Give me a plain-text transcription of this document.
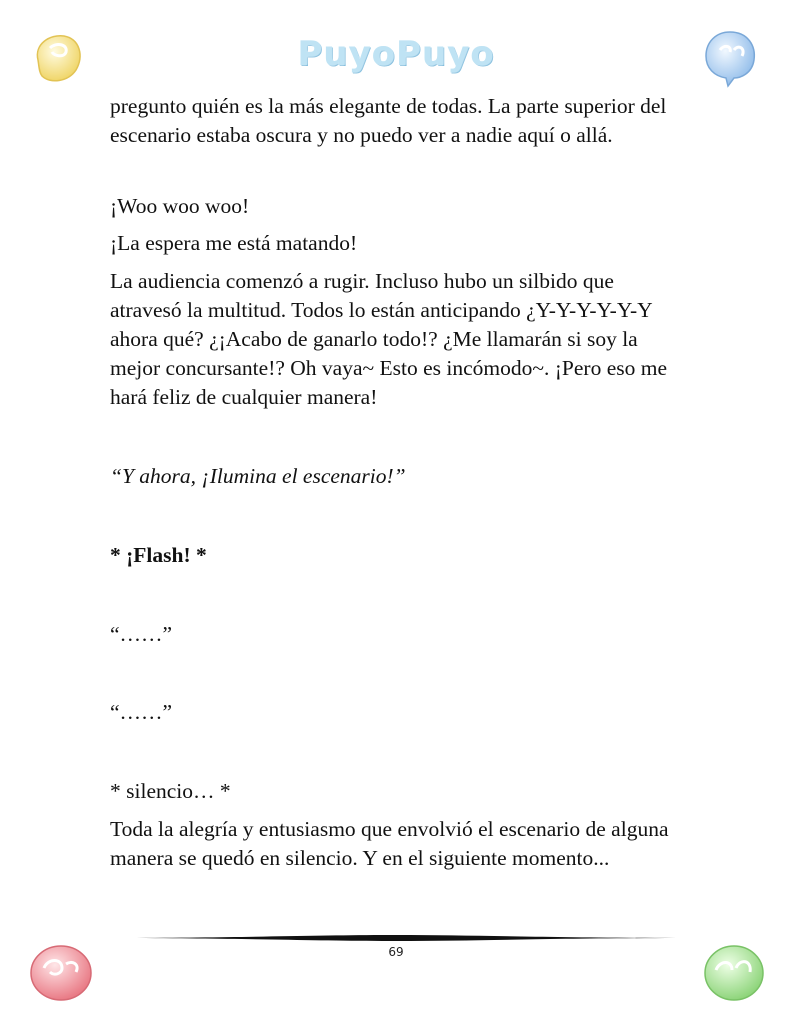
PuyoPuyo

pregunto quién es la más elegante de todas. La parte superior del escenario estaba oscura y no puedo ver a nadie aquí o allá.

¡Woo woo woo!

¡La espera me está matando!

La audiencia comenzó a rugir. Incluso hubo un silbido que atravesó la multitud. Todos lo están anticipando ¿Y-Y-Y-Y-Y-Y ahora qué? ¿¡Acabo de ganarlo todo!? ¿Me llamarán si soy la mejor concursante!? Oh vaya~ Esto es incómodo~. ¡Pero eso me hará feliz de cualquier manera!

“Y ahora, ¡Ilumina el escenario!”

* ¡Flash! *

“……”

“……”

* silencio… *

Toda la alegría y entusiasmo que envolvió el escenario de alguna manera se quedó en silencio. Y en el siguiente momento...

69
